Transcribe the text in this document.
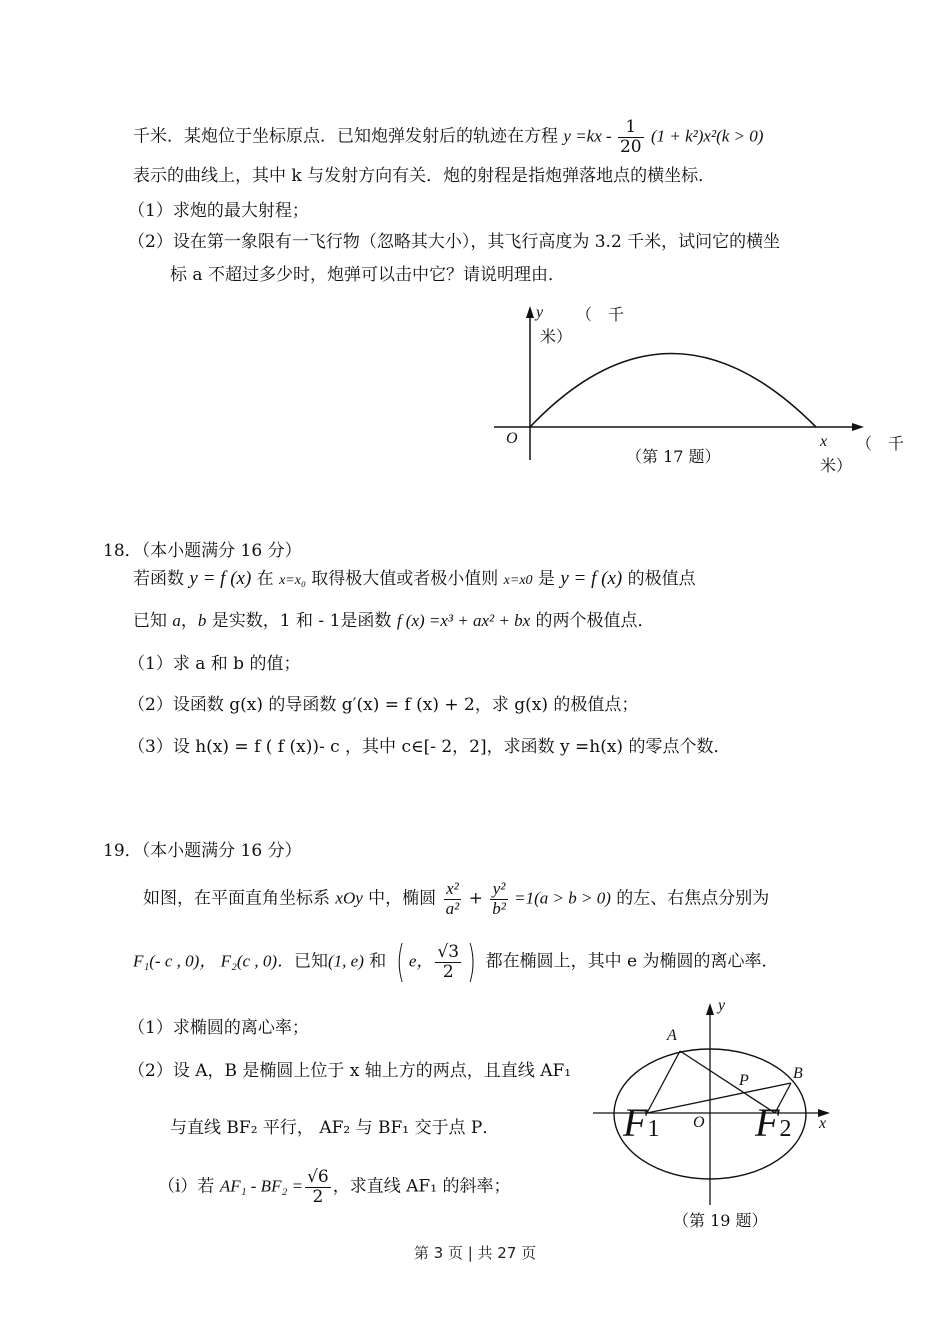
千米．某炮位于坐标原点．已知炮弹发射后的轨迹在方程 $y =kx - \frac{1}{20} (1 + k^2)x^2(k > 0)$
表示的曲线上，其中 k 与发射方向有关．炮的射程是指炮弹落地点的横坐标．
（1）求炮的最大射程；
（2）设在第一象限有一飞行物（忽略其大小），其飞行高度为 3.2 千米，试问它的横坐
标 a 不超过多少时，炮弹可以击中它？请说明理由．
y （　千
米）
O
（第 17 题）
x （　千
米）
18．（本小题满分 16 分）
若函数 y = f (x) 在 x=x₀ 取得极大值或者极小值则 x=x0 是 y = f (x) 的极值点
已知 a，b 是实数，1 和 - 1是函数 f (x) =x³ + ax² + bx 的两个极值点．
（1）求 a 和 b 的值；
（2）设函数 g(x) 的导函数 g′(x) = f (x) + 2，求 g(x) 的极值点；
（3）设 h(x) = f ( f (x))- c ，其中 c∈[- 2，2]，求函数 y =h(x) 的零点个数．
19．（本小题满分 16 分）
如图，在平面直角坐标系 xOy 中，椭圆 $\frac{\text{x²}}{\text{a²}} + \frac{\text{y²}}{\text{b²}} =1(a > b > 0)$ 的左、右焦点分别为
F₁(- c , 0)， F₂(c , 0)．已知(1, e) 和 ( e， $\frac{√3}{2}$ ) 都在椭圆上，其中 e 为椭圆的离心率．
（1）求椭圆的离心率；
（2）设 A，B 是椭圆上位于 x 轴上方的两点，且直线 AF₁
与直线 BF₂ 平行， AF₂ 与 BF₁ 交于点 P．
（i）若 $AF_1 - BF_2 = \frac{√6}{2}$ ，求直线 AF₁ 的斜率；
y
A
B
P
O	x
F1 F2
（第 19 题）
第 3 页 | 共 27 页
